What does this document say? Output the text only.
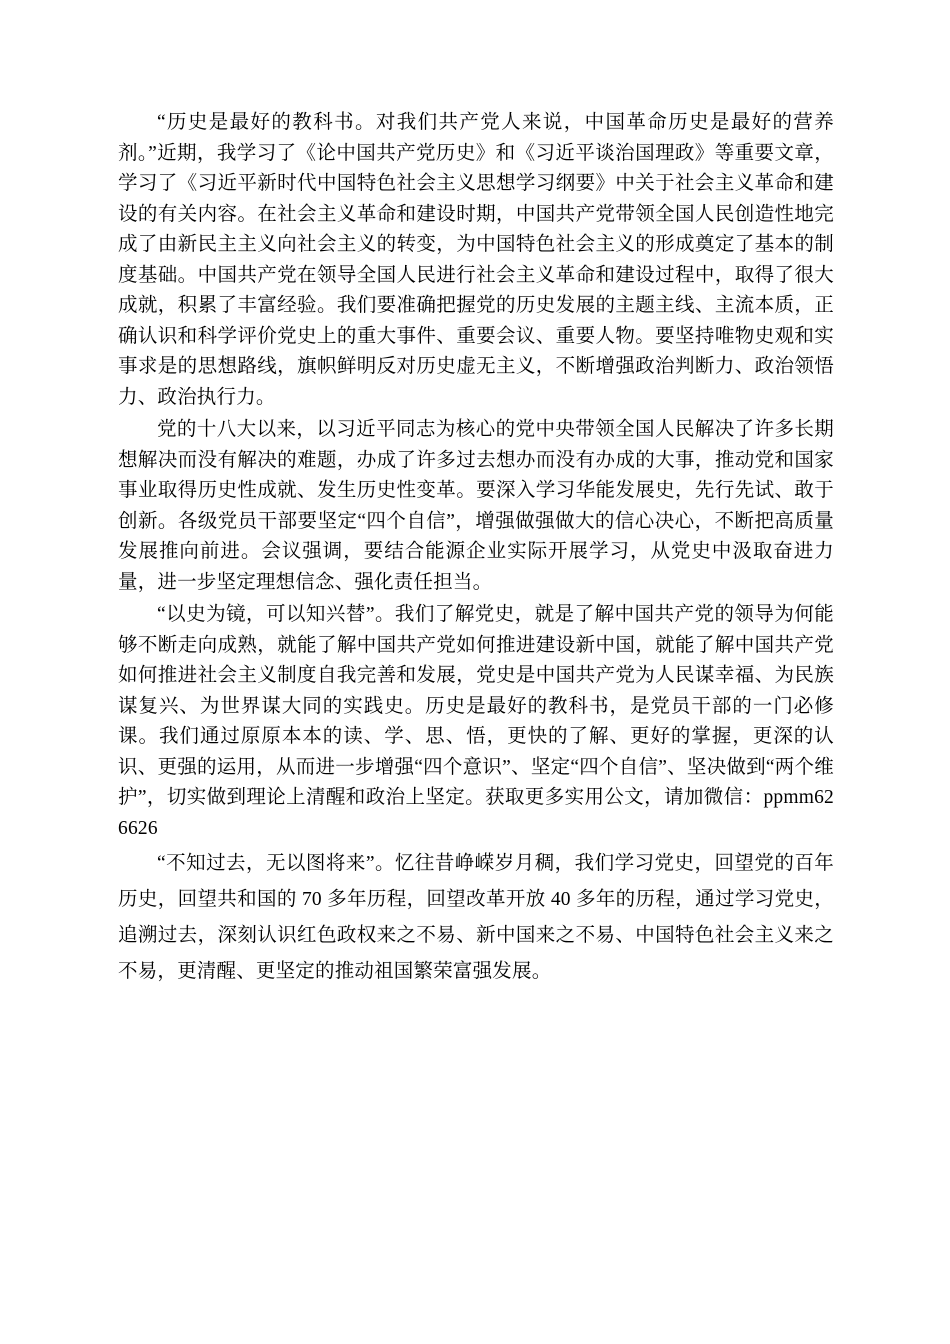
“历史是最好的教科书。对我们共产党人来说，中国革命历史是最好的营养剂。”近期，我学习了《论中国共产党历史》和《习近平谈治国理政》等重要文章，学习了《习近平新时代中国特色社会主义思想学习纲要》中关于社会主义革命和建设的有关内容。在社会主义革命和建设时期，中国共产党带领全国人民创造性地完成了由新民主主义向社会主义的转变，为中国特色社会主义的形成奠定了基本的制度基础。中国共产党在领导全国人民进行社会主义革命和建设过程中，取得了很大成就，积累了丰富经验。我们要准确把握党的历史发展的主题主线、主流本质，正确认识和科学评价党史上的重大事件、重要会议、重要人物。要坚持唯物史观和实事求是的思想路线，旗帜鲜明反对历史虚无主义，不断增强政治判断力、政治领悟力、政治执行力。

党的十八大以来，以习近平同志为核心的党中央带领全国人民解决了许多长期想解决而没有解决的难题，办成了许多过去想办而没有办成的大事，推动党和国家事业取得历史性成就、发生历史性变革。要深入学习华能发展史，先行先试、敢于创新。各级党员干部要坚定“四个自信”，增强做强做大的信心决心，不断把高质量发展推向前进。会议强调，要结合能源企业实际开展学习，从党史中汲取奋进力量，进一步坚定理想信念、强化责任担当。

“以史为镜，可以知兴替”。我们了解党史，就是了解中国共产党的领导为何能够不断走向成熟，就能了解中国共产党如何推进建设新中国，就能了解中国共产党如何推进社会主义制度自我完善和发展，党史是中国共产党为人民谋幸福、为民族谋复兴、为世界谋大同的实践史。历史是最好的教科书，是党员干部的一门必修课。我们通过原原本本的读、学、思、悟，更快的了解、更好的掌握，更深的认识、更强的运用，从而进一步增强“四个意识”、坚定“四个自信”、坚决做到“两个维护”，切实做到理论上清醒和政治上坚定。获取更多实用公文，请加微信：ppmm626626

“不知过去，无以图将来”。忆往昔峥嵘岁月稠，我们学习党史，回望党的百年历史，回望共和国的 70 多年历程，回望改革开放 40 多年的历程，通过学习党史，追溯过去，深刻认识红色政权来之不易、新中国来之不易、中国特色社会主义来之不易，更清醒、更坚定的推动祖国繁荣富强发展。
